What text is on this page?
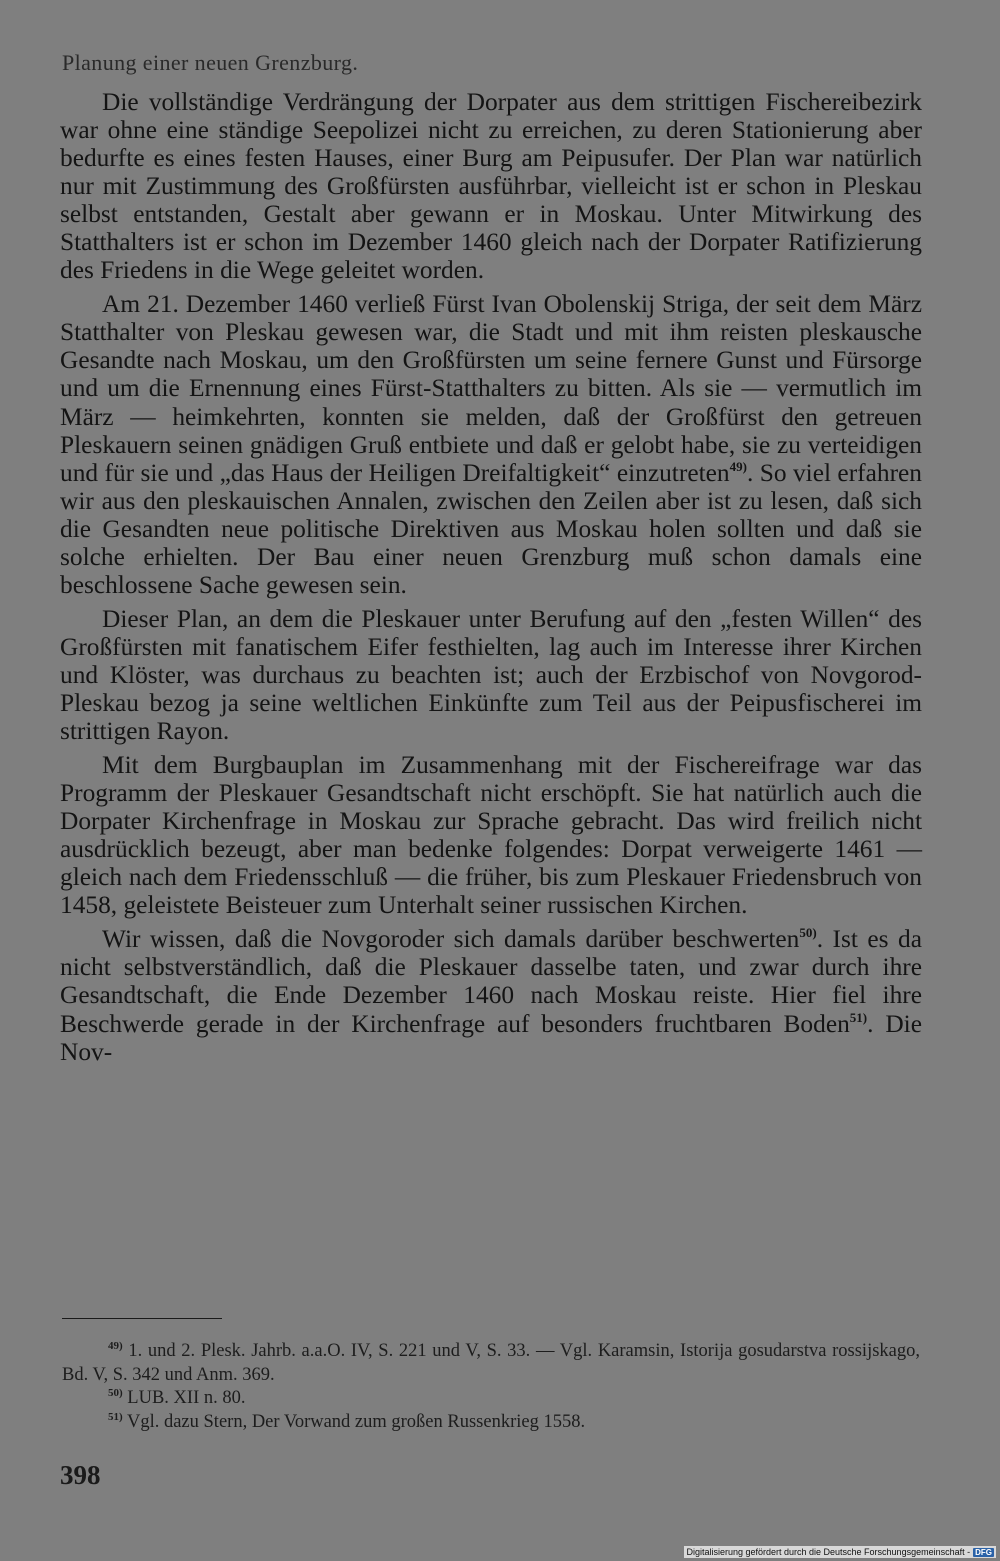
Planung einer neuen Grenzburg.

Die vollständige Verdrängung der Dorpater aus dem strittigen Fischereibezirk war ohne eine ständige Seepolizei nicht zu erreichen, zu deren Stationierung aber bedurfte es eines festen Hauses, einer Burg am Peipusufer. Der Plan war natürlich nur mit Zustimmung des Großfürsten ausführbar, vielleicht ist er schon in Pleskau selbst entstanden, Gestalt aber gewann er in Moskau. Unter Mitwirkung des Statthalters ist er schon im Dezember 1460 gleich nach der Dorpater Ratifizierung des Friedens in die Wege geleitet worden.

Am 21. Dezember 1460 verließ Fürst Ivan Obolenskij Striga, der seit dem März Statthalter von Pleskau gewesen war, die Stadt und mit ihm reisten pleskausche Gesandte nach Moskau, um den Großfürsten um seine fernere Gunst und Fürsorge und um die Ernennung eines Fürst-Statthalters zu bitten. Als sie — vermutlich im März — heimkehrten, konnten sie melden, daß der Großfürst den getreuen Pleskauern seinen gnädigen Gruß entbiete und daß er gelobt habe, sie zu verteidigen und für sie und „das Haus der Heiligen Dreifaltigkeit“ einzutreten$^{49)}$. So viel erfahren wir aus den pleskauischen Annalen, zwischen den Zeilen aber ist zu lesen, daß sich die Gesandten neue politische Direktiven aus Moskau holen sollten und daß sie solche erhielten. Der Bau einer neuen Grenzburg muß schon damals eine beschlossene Sache gewesen sein.

Dieser Plan, an dem die Pleskauer unter Berufung auf den „festen Willen“ des Großfürsten mit fanatischem Eifer festhielten, lag auch im Interesse ihrer Kirchen und Klöster, was durchaus zu beachten ist; auch der Erzbischof von Novgorod-Pleskau bezog ja seine weltlichen Einkünfte zum Teil aus der Peipusfischerei im strittigen Rayon.

Mit dem Burgbauplan im Zusammenhang mit der Fischereifrage war das Programm der Pleskauer Gesandtschaft nicht erschöpft. Sie hat natürlich auch die Dorpater Kirchenfrage in Moskau zur Sprache gebracht. Das wird freilich nicht ausdrücklich bezeugt, aber man bedenke folgendes: Dorpat verweigerte 1461 — gleich nach dem Friedensschluß — die früher, bis zum Pleskauer Friedensbruch von 1458, geleistete Beisteuer zum Unterhalt seiner russischen Kirchen.

Wir wissen, daß die Novgoroder sich damals darüber beschwerten$^{50)}$. Ist es da nicht selbstverständlich, daß die Pleskauer dasselbe taten, und zwar durch ihre Gesandtschaft, die Ende Dezember 1460 nach Moskau reiste. Hier fiel ihre Beschwerde gerade in der Kirchenfrage auf besonders fruchtbaren Boden$^{51)}$. Die Nov-

$^{49)}$ 1. und 2. Plesk. Jahrb. a.a.O. IV, S. 221 und V, S. 33. — Vgl. Karamsin, Istorija gosudarstva rossijskago, Bd. V, S. 342 und Anm. 369.

$^{50)}$ LUB. XII n. 80.

$^{51)}$ Vgl. dazu Stern, Der Vorwand zum großen Russenkrieg 1558.

398
Digitalisierung gefördert durch die Deutsche Forschungsgemeinschaft - DFG
